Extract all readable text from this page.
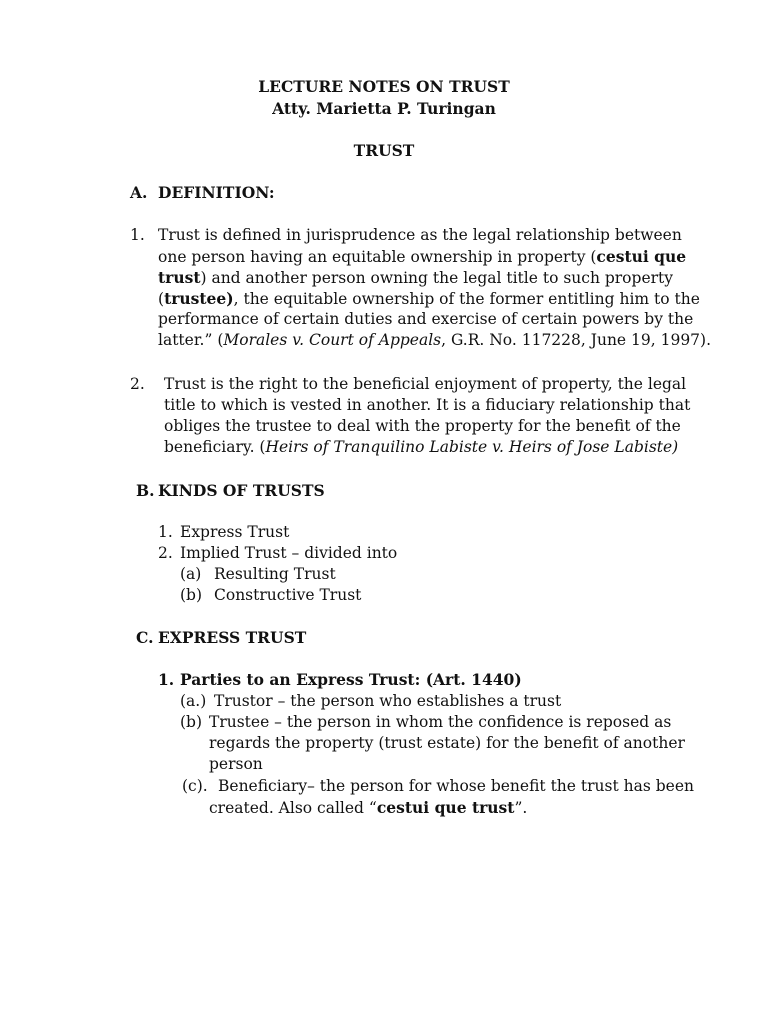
LECTURE NOTES ON TRUST
Atty. Marietta P. Turingan
TRUST
A. DEFINITION:
1. Trust is defined in jurisprudence as the legal relationship between
one person having an equitable ownership in property (cestui que
trust) and another person owning the legal title to such property
(trustee), the equitable ownership of the former entitling him to the
performance of certain duties and exercise of certain powers by the
latter.” (Morales v. Court of Appeals, G.R. No. 117228, June 19, 1997).
2. Trust is the right to the beneficial enjoyment of property, the legal
title to which is vested in another. It is a fiduciary relationship that
obliges the trustee to deal with the property for the benefit of the
beneficiary. (Heirs of Tranquilino Labiste v. Heirs of Jose Labiste)
B. KINDS OF TRUSTS
1. Express Trust
2. Implied Trust – divided into
(a) Resulting Trust
(b) Constructive Trust
C. EXPRESS TRUST
1. Parties to an Express Trust: (Art. 1440)
(a.) Trustor – the person who establishes a trust
(b) Trustee – the person in whom the confidence is reposed as
regards the property (trust estate) for the benefit of another
person
(c). Beneficiary– the person for whose benefit the trust has been
created. Also called “cestui que trust”.
